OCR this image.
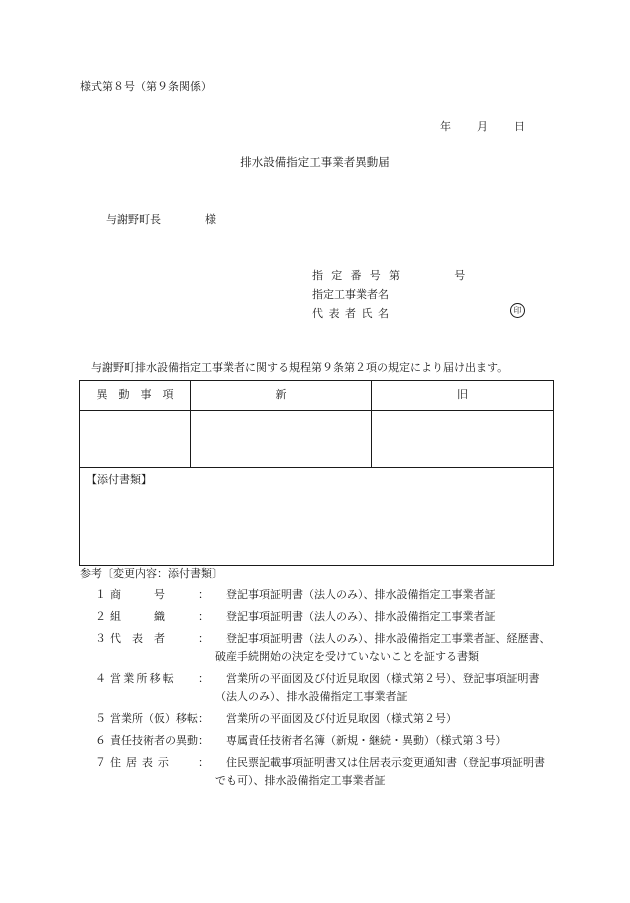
様式第８号（第９条関係）
年 月 日
排水設備指定工事業者異動届
与謝野町長	様
指定番号第	号
指定工事業者名
代表者氏名	印
与謝野町排水設備指定工事業者に関する規程第９条第２項の規定により届け出ます。
異　動　事　項	新	旧

【添付書類】		
参考〔変更内容：添付書類〕
１ 商　　　号	：	登記事項証明書（法人のみ）、排水設備指定工事業者証
２ 組　　　織	：	登記事項証明書（法人のみ）、排水設備指定工事業者証
３ 代　表　者	：	登記事項証明書（法人のみ）、排水設備指定工事業者証、経歴書、破産手続開始の決定を受けていないことを証する書類
４ 営業所移転 ：	営業所の平面図及び付近見取図（様式第２号）、登記事項証明書（法人のみ）、排水設備指定工事業者証
５ 営業所（仮）移転 ：	営業所の平面図及び付近見取図（様式第２号）
６ 責任技術者の異動 ：	専属責任技術者名簿（新規・継続・異動）（様式第３号）
７ 住居表示 ：	住民票記載事項証明書又は住居表示変更通知書（登記事項証明書でも可）、排水設備指定工事業者証
